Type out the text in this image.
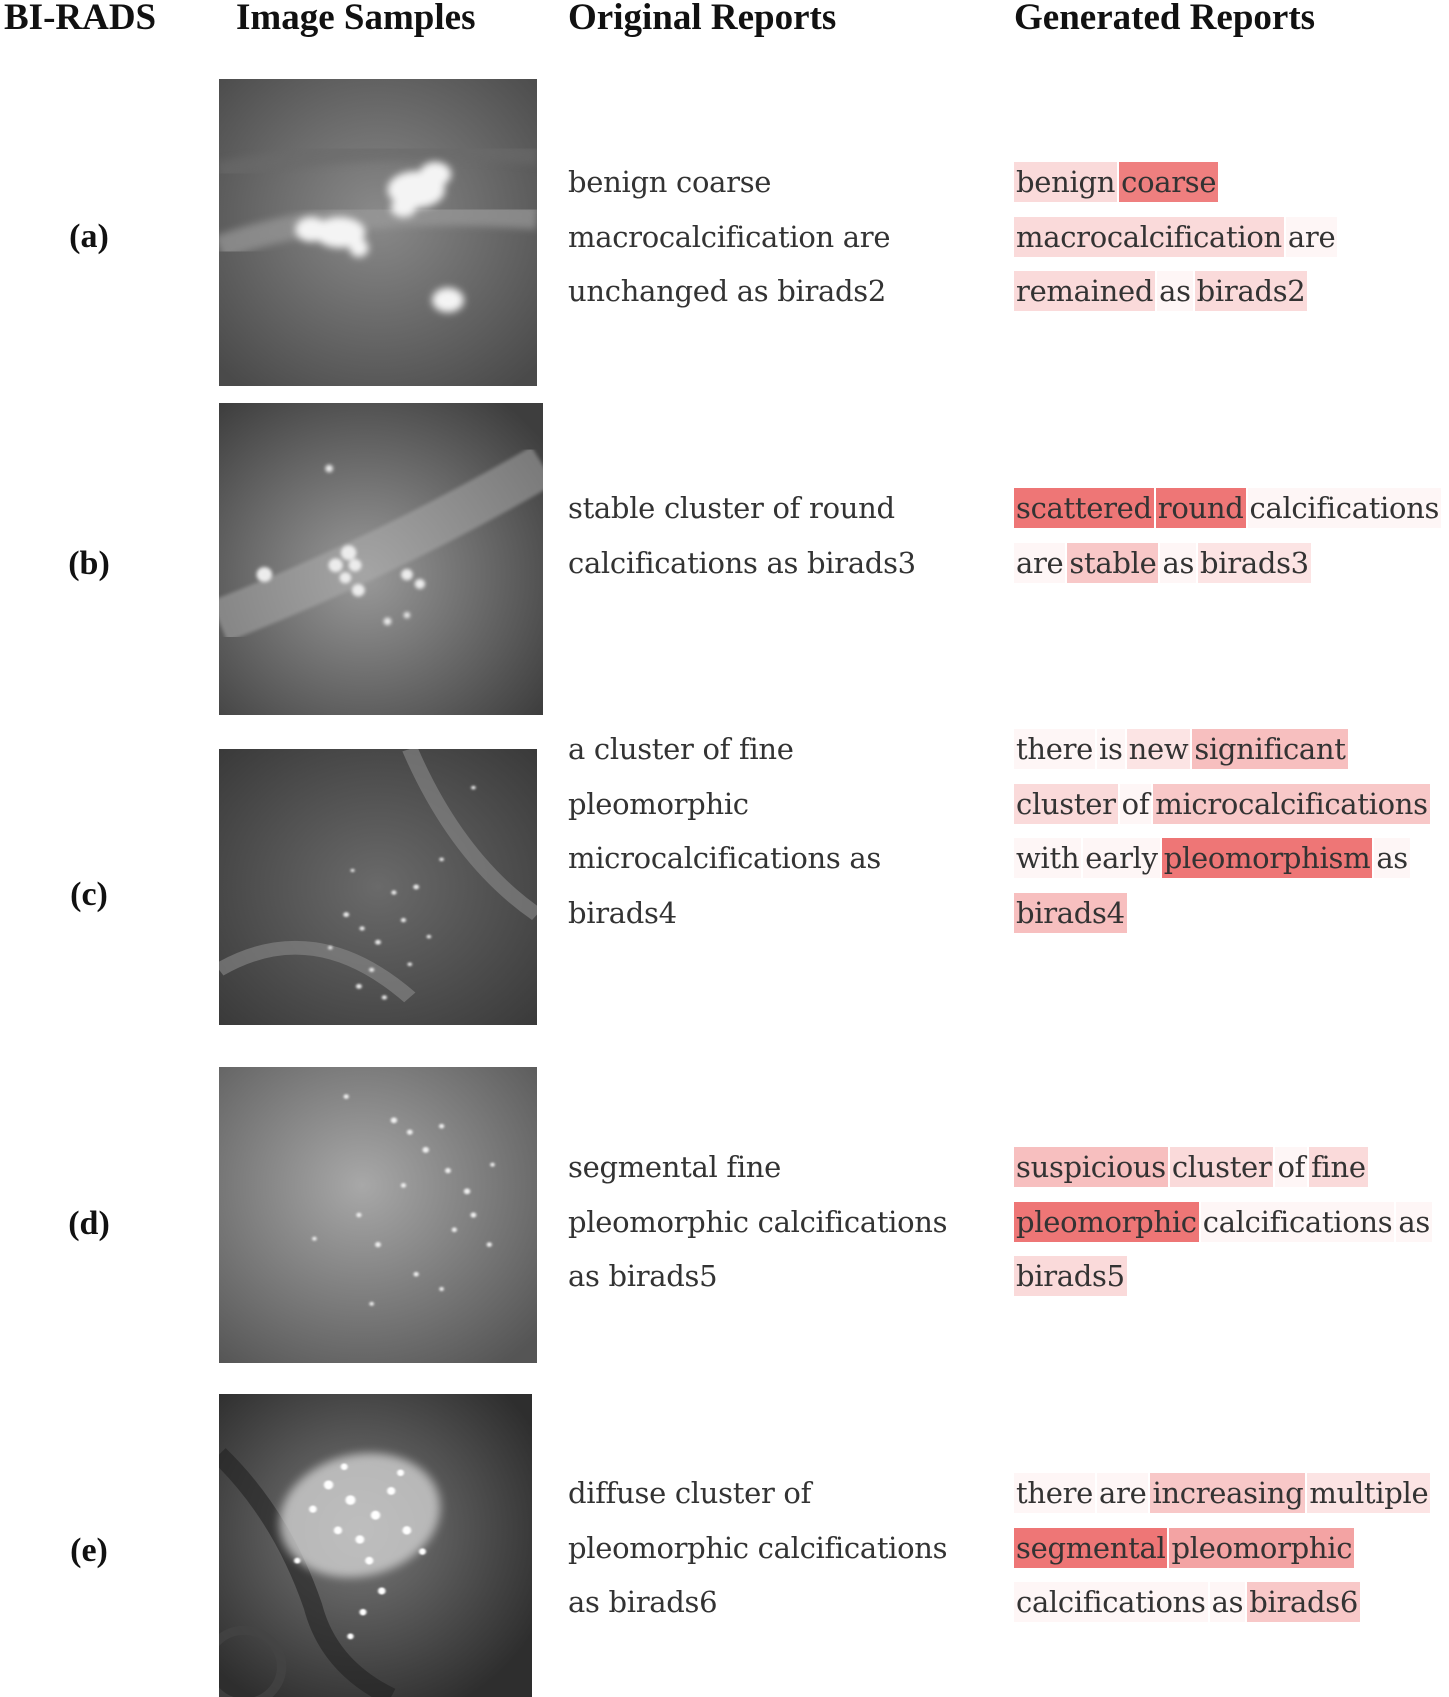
BI-RADS Image Samples	Original Reports	Generated Reports
(a)
benign coarse
macrocalcification are
unchanged as birads2
benign coarse
macrocalcification are
remained as birads2
(b)
stable cluster of round
calcifications as birads3
scattered round calcifications
are stable as birads3
(c)
a cluster of fine
pleomorphic
microcalcifications as
birads4
there is new significant
cluster of microcalcifications
with early pleomorphism as
birads4
(d)
segmental fine
pleomorphic calcifications
as birads5
suspicious cluster of fine
pleomorphic calcifications as
birads5
(e)
diffuse cluster of
pleomorphic calcifications
as birads6
there are increasing multiple
segmental pleomorphic
calcifications as birads6
